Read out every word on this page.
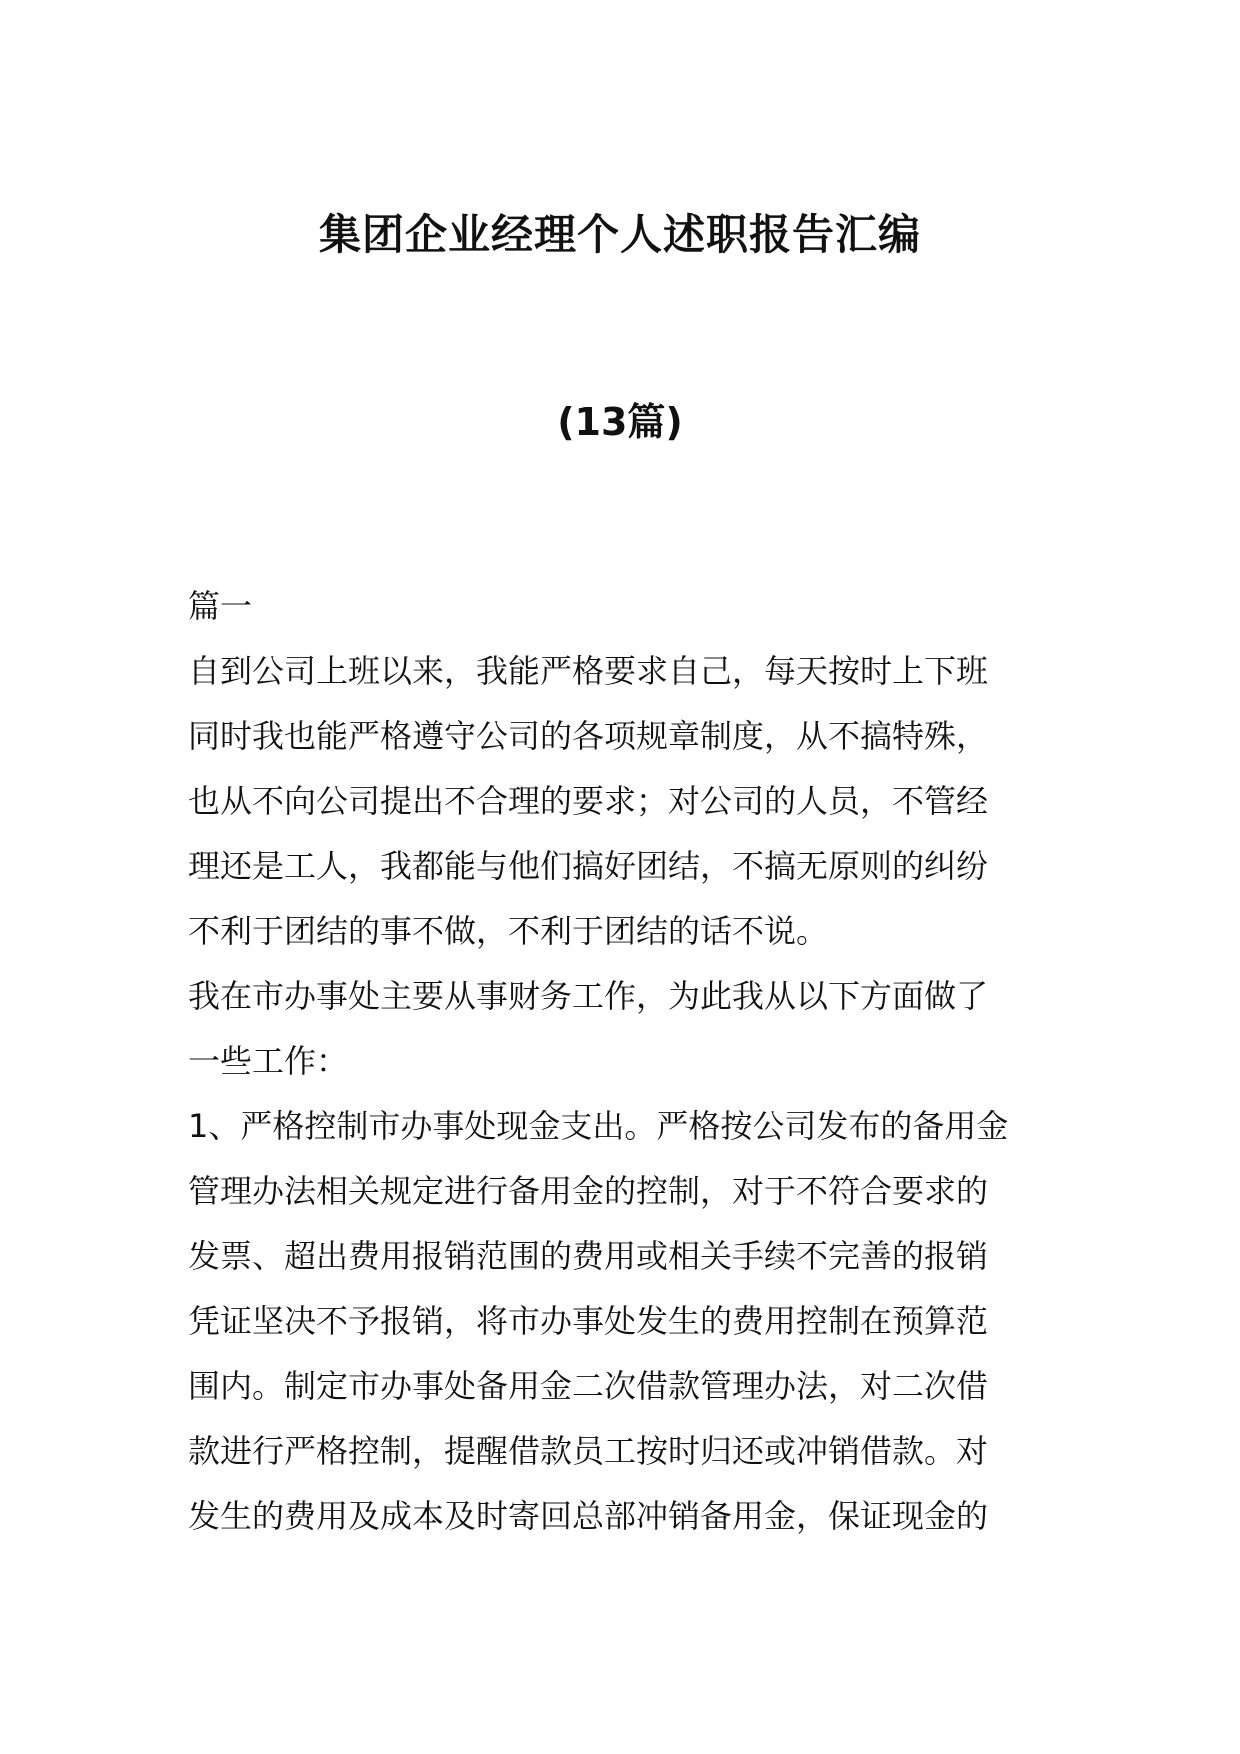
集团企业经理个人述职报告汇编
(13篇)

篇一

自到公司上班以来，我能严格要求自己，每天按时上下班

同时我也能严格遵守公司的各项规章制度，从不搞特殊，

也从不向公司提出不合理的要求；对公司的人员，不管经

理还是工人，我都能与他们搞好团结，不搞无原则的纠纷

不利于团结的事不做，不利于团结的话不说。

我在市办事处主要从事财务工作，为此我从以下方面做了

一些工作：

1、严格控制市办事处现金支出。严格按公司发布的备用金

管理办法相关规定进行备用金的控制，对于不符合要求的

发票、超出费用报销范围的费用或相关手续不完善的报销

凭证坚决不予报销，将市办事处发生的费用控制在预算范

围内。制定市办事处备用金二次借款管理办法，对二次借

款进行严格控制，提醒借款员工按时归还或冲销借款。对

发生的费用及成本及时寄回总部冲销备用金，保证现金的
